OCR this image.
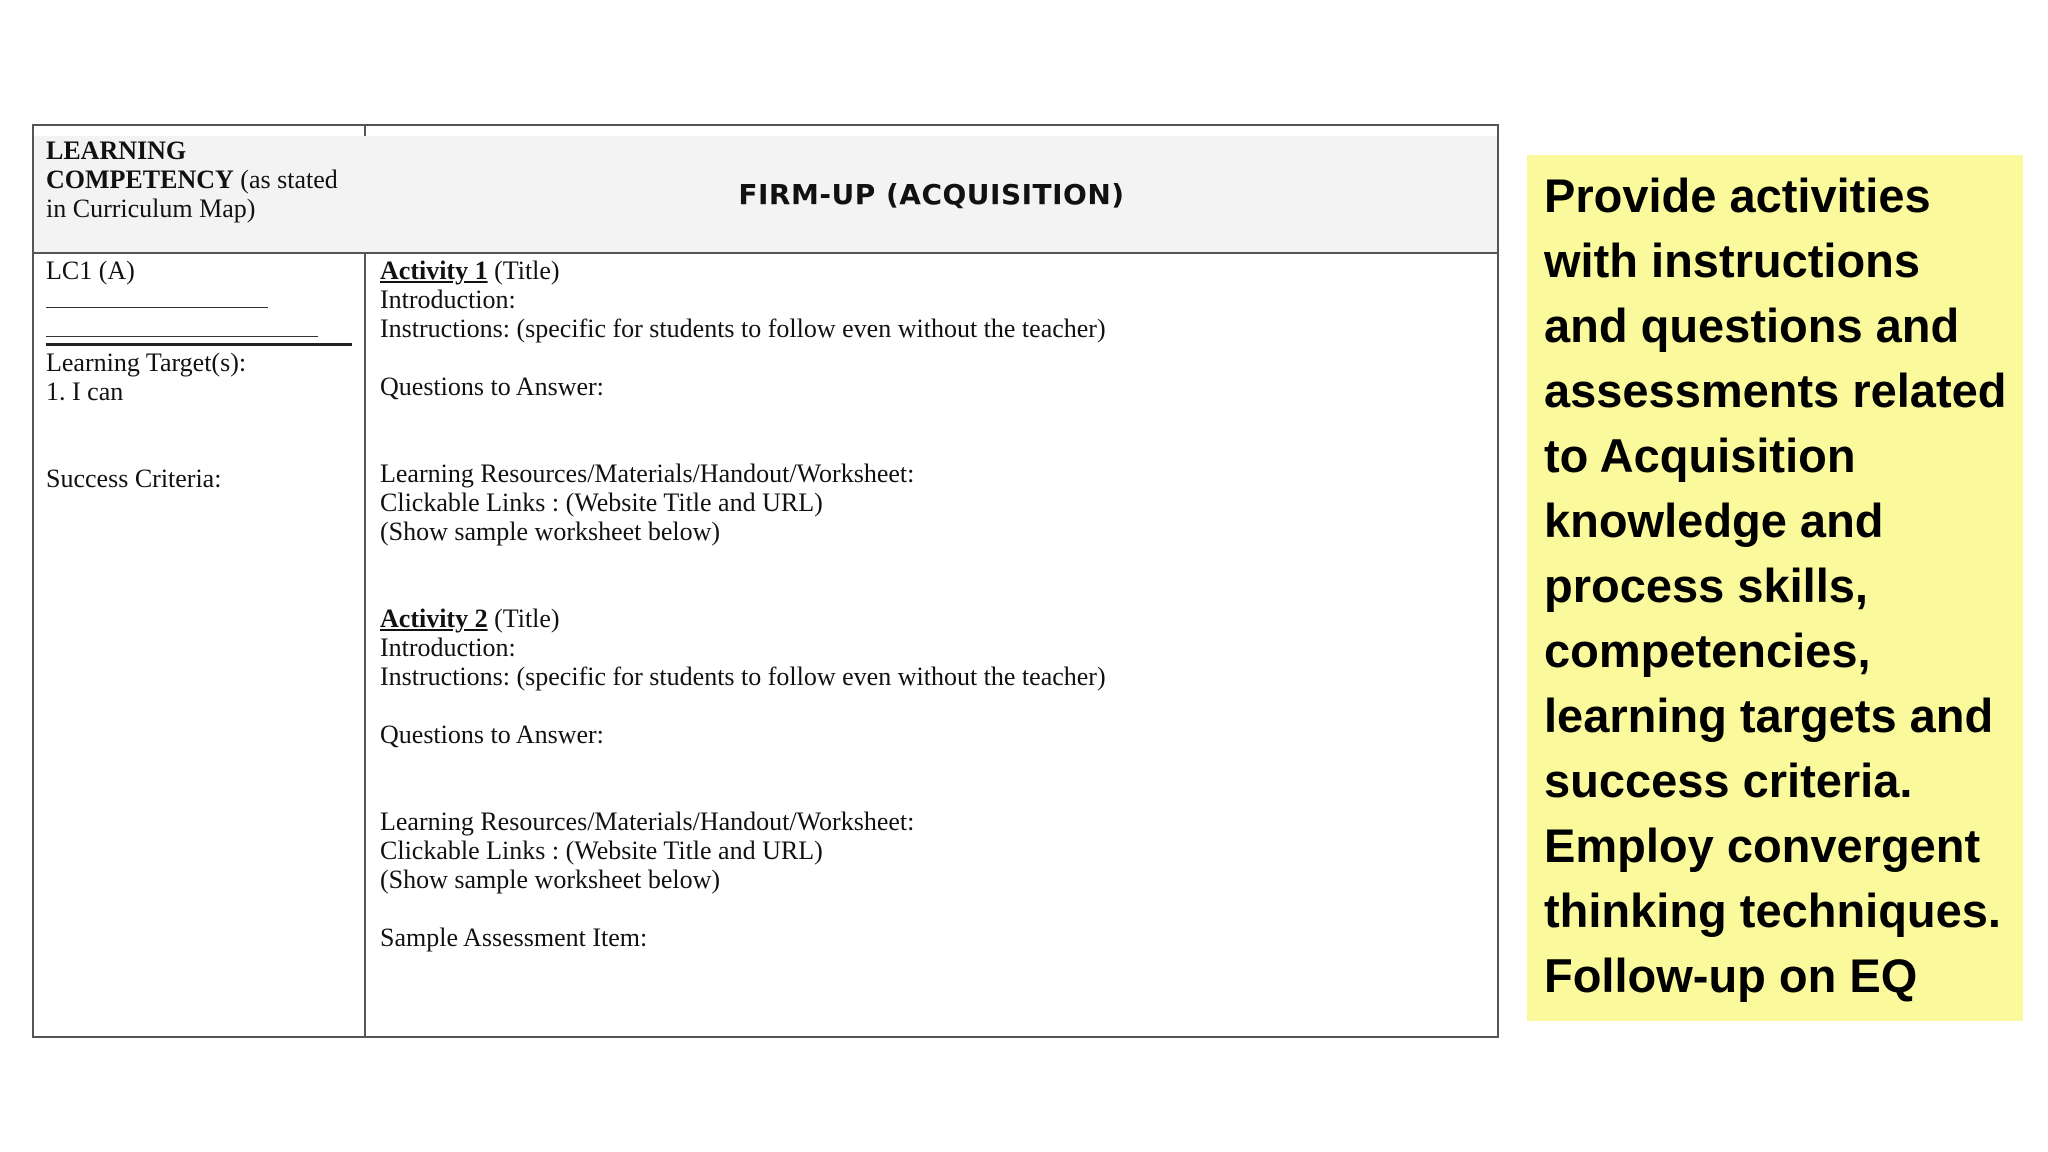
LEARNING COMPETENCY (as stated in Curriculum Map)	FIRM-UP (ACQUISITION)
LC1 (A)
Learning Target(s):
1. I can
Success Criteria:
Activity 1 (Title)
Introduction:
Instructions: (specific for students to follow even without the teacher)
Questions to Answer:
Learning Resources/Materials/Handout/Worksheet:
Clickable Links : (Website Title and URL)
(Show sample worksheet below)
Activity 2 (Title)
Introduction:
Instructions: (specific for students to follow even without the teacher)
Questions to Answer:
Learning Resources/Materials/Handout/Worksheet:
Clickable Links : (Website Title and URL)
(Show sample worksheet below)
Sample Assessment Item:

Provide activities
with instructions
and questions and
assessments related
to Acquisition
knowledge and
process skills,
competencies,
learning targets and
success criteria.
Employ convergent
thinking techniques.
Follow-up on EQ
